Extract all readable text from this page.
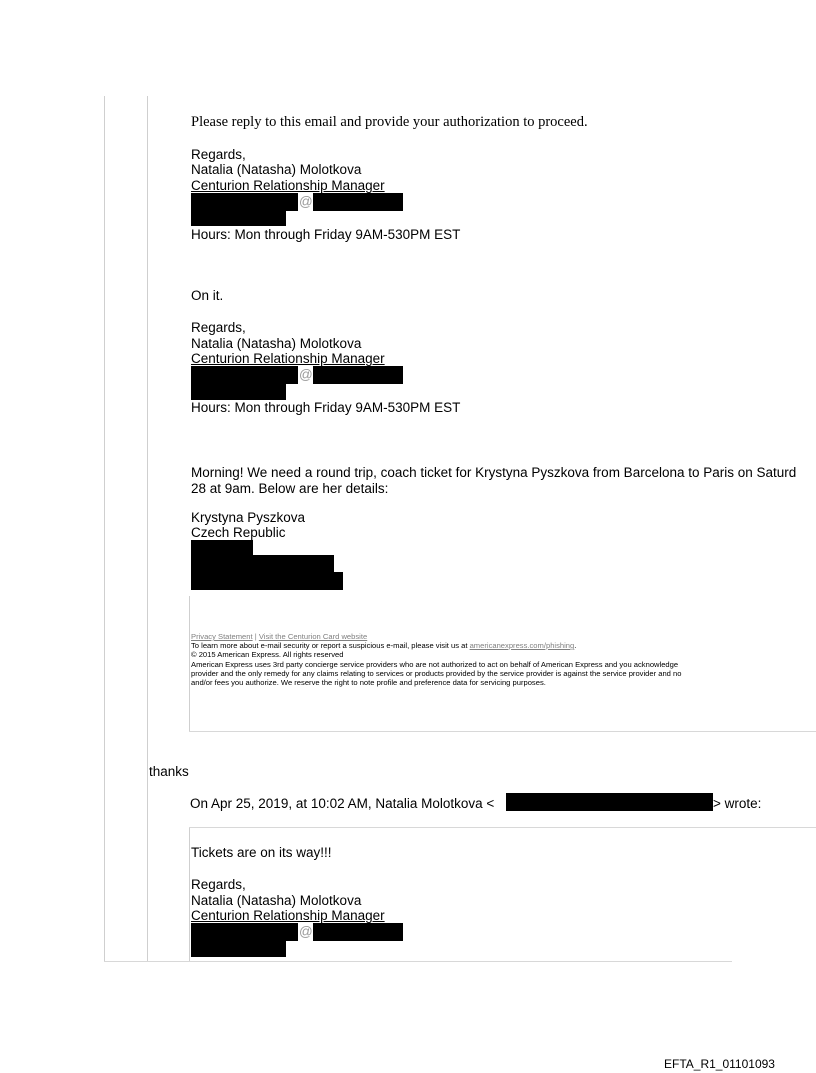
Please reply to this email and provide your authorization to proceed.
Regards,
Natalia (Natasha) Molotkova
Centurion Relationship Manager
@
Hours: Mon through Friday 9AM-530PM EST
On it.
Regards,
Natalia (Natasha) Molotkova
Centurion Relationship Manager
@
Hours: Mon through Friday 9AM-530PM EST
Morning! We need a round trip, coach ticket for Krystyna Pyszkova from Barcelona to Paris on Saturd
28 at 9am. Below are her details:
Krystyna Pyszkova
Czech Republic
Privacy Statement | Visit the Centurion Card website
To learn more about e-mail security or report a suspicious e-mail, please visit us at americanexpress.com/phishing.
© 2015 American Express. All rights reserved
American Express uses 3rd party concierge service providers who are not authorized to act on behalf of American Express and you acknowledge
provider and the only remedy for any claims relating to services or products provided by the service provider is against the service provider and no
and/or fees you authorize. We reserve the right to note profile and preference data for servicing purposes.
thanks
On Apr 25, 2019, at 10:02 AM, Natalia Molotkova <	> wrote:
Tickets are on its way!!!
Regards,
Natalia (Natasha) Molotkova
Centurion Relationship Manager
@
EFTA_R1_01101093
